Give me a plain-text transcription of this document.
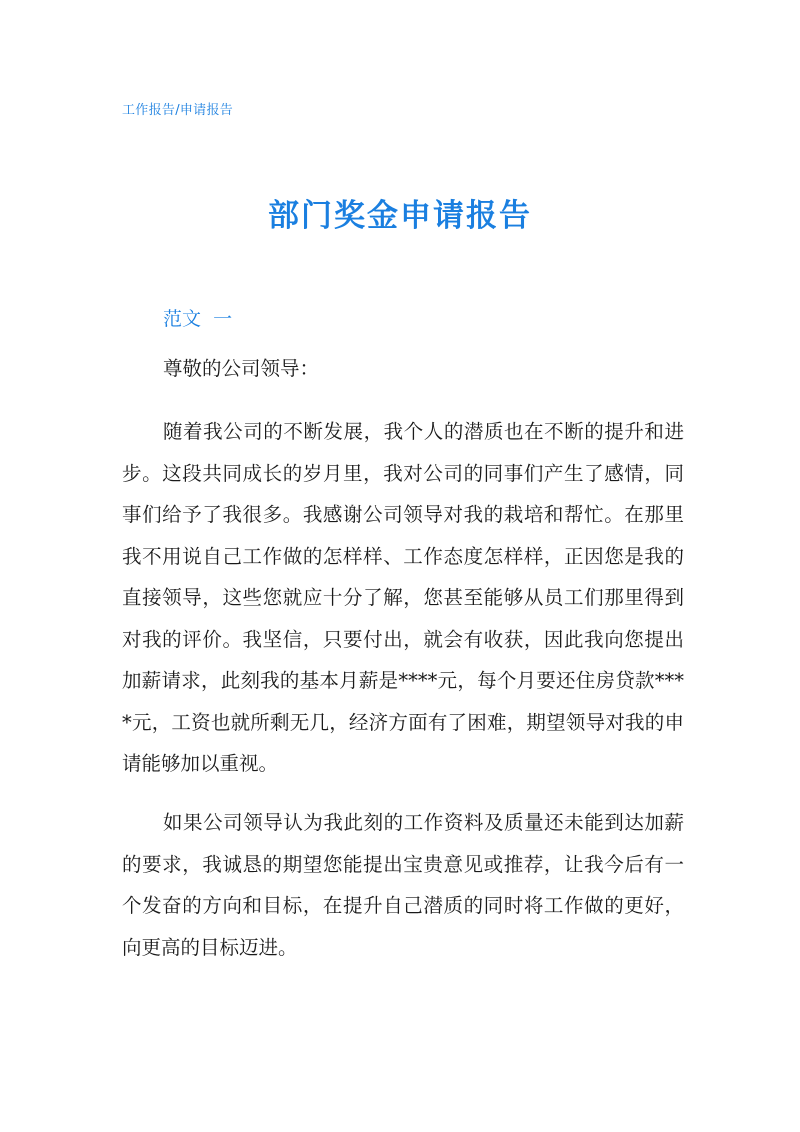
工作报告/申请报告
部门奖金申请报告
范文  一
尊敬的公司领导：

随着我公司的不断发展，我个人的潜质也在不断的提升和进步。这段共同成长的岁月里，我对公司的同事们产生了感情，同事们给予了我很多。我感谢公司领导对我的栽培和帮忙。在那里我不用说自己工作做的怎样样、工作态度怎样样，正因您是我的直接领导，这些您就应十分了解，您甚至能够从员工们那里得到对我的评价。我坚信，只要付出，就会有收获，因此我向您提出加薪请求，此刻我的基本月薪是****元，每个月要还住房贷款****元，工资也就所剩无几，经济方面有了困难，期望领导对我的申请能够加以重视。

如果公司领导认为我此刻的工作资料及质量还未能到达加薪的要求，我诚恳的期望您能提出宝贵意见或推荐，让我今后有一个发奋的方向和目标，在提升自己潜质的同时将工作做的更好，向更高的目标迈进。
